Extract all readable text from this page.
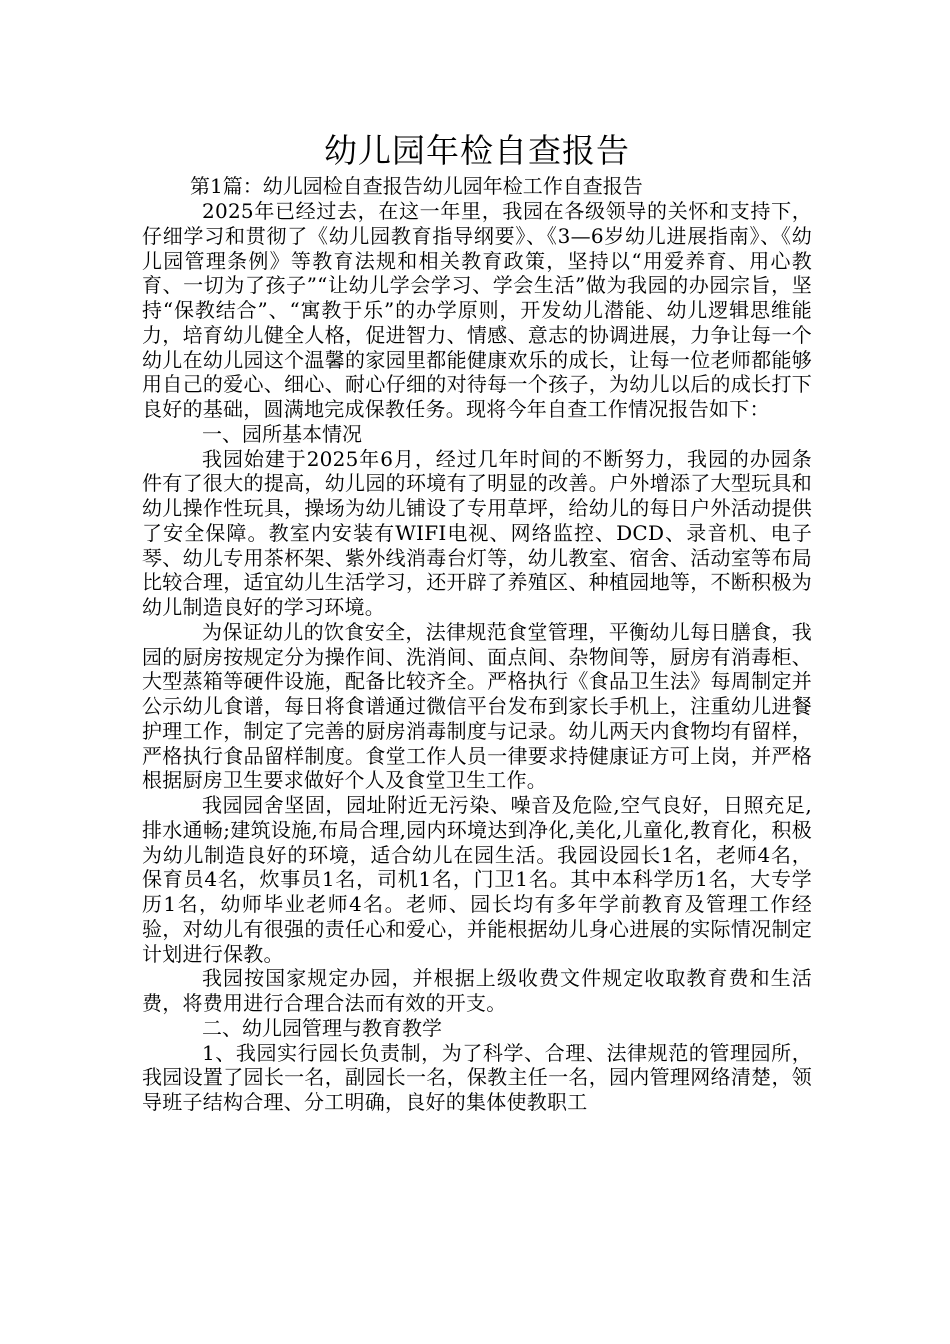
幼儿园年检自查报告

第1篇：幼儿园检自查报告幼儿园年检工作自查报告

2025年已经过去，在这一年里，我园在各级领导的关怀和支持下，仔细学习和贯彻了《幼儿园教育指导纲要》、《3—6岁幼儿进展指南》、《幼儿园管理条例》等教育法规和相关教育政策，坚持以“用爱养育、用心教育、一切为了孩子”“让幼儿学会学习、学会生活”做为我园的办园宗旨，坚持“保教结合”、“寓教于乐”的办学原则，开发幼儿潜能、幼儿逻辑思维能力，培育幼儿健全人格，促进智力、情感、意志的协调进展，力争让每一个幼儿在幼儿园这个温馨的家园里都能健康欢乐的成长，让每一位老师都能够用自己的爱心、细心、耐心仔细的对待每一个孩子，为幼儿以后的成长打下良好的基础，圆满地完成保教任务。现将今年自查工作情况报告如下：

一、园所基本情况

我园始建于2025年6月，经过几年时间的不断努力，我园的办园条件有了很大的提高，幼儿园的环境有了明显的改善。户外增添了大型玩具和幼儿操作性玩具，操场为幼儿铺设了专用草坪，给幼儿的每日户外活动提供了安全保障。教室内安装有WIFI电视、网络监控、DCD、录音机、电子琴、幼儿专用茶杯架、紫外线消毒台灯等，幼儿教室、宿舍、活动室等布局比较合理，适宜幼儿生活学习，还开辟了养殖区、种植园地等，不断积极为幼儿制造良好的学习环境。

为保证幼儿的饮食安全，法律规范食堂管理，平衡幼儿每日膳食，我园的厨房按规定分为操作间、洗消间、面点间、杂物间等，厨房有消毒柜、大型蒸箱等硬件设施，配备比较齐全。严格执行《食品卫生法》每周制定并公示幼儿食谱，每日将食谱通过微信平台发布到家长手机上，注重幼儿进餐护理工作，制定了完善的厨房消毒制度与记录。幼儿两天内食物均有留样，严格执行食品留样制度。食堂工作人员一律要求持健康证方可上岗，并严格根据厨房卫生要求做好个人及食堂卫生工作。

我园园舍坚固，园址附近无污染、噪音及危险,空气良好，日照充足,排水通畅;建筑设施,布局合理,园内环境达到净化,美化,儿童化,教育化，积极为幼儿制造良好的环境，适合幼儿在园生活。我园设园长1名，老师4名，保育员4名，炊事员1名，司机1名，门卫1名。其中本科学历1名，大专学历1名，幼师毕业老师4名。老师、园长均有多年学前教育及管理工作经验，对幼儿有很强的责任心和爱心，并能根据幼儿身心进展的实际情况制定计划进行保教。

我园按国家规定办园，并根据上级收费文件规定收取教育费和生活费，将费用进行合理合法而有效的开支。

二、幼儿园管理与教育教学

1、我园实行园长负责制，为了科学、合理、法律规范的管理园所，我园设置了园长一名，副园长一名，保教主任一名，园内管理网络清楚，领导班子结构合理、分工明确，良好的集体使教职工
